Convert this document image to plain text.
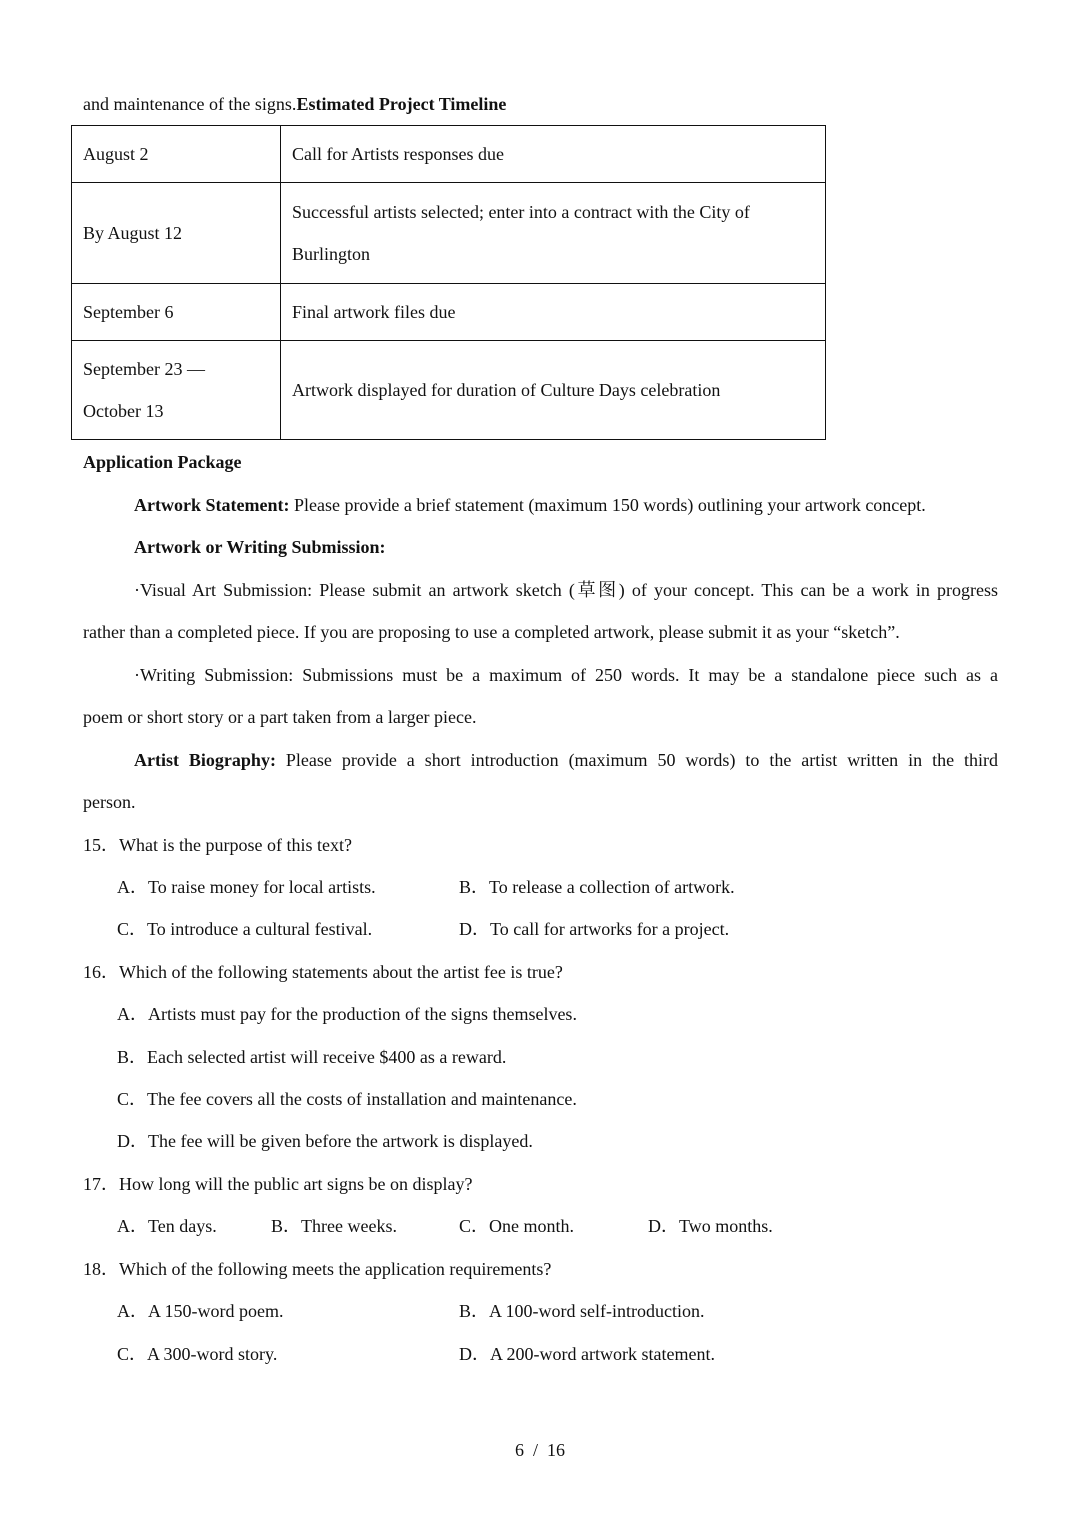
and maintenance of the signs.Estimated Project Timeline
August 2	Call for Artists responses due
By August 12	Successful artists selected; enter into a contract with the City of
Burlington

September 6	Final artwork files due

September 23 —
October 13	Artwork displayed for duration of Culture Days celebration
Application Package
Artwork Statement: Please provide a brief statement (maximum 150 words) outlining your artwork concept.
Artwork or Writing Submission:
·Visual Art Submission: Please submit an artwork sketch (草图) of your concept. This can be a work in progress
rather than a completed piece. If you are proposing to use a completed artwork, please submit it as your “sketch”.
·Writing Submission: Submissions must be a maximum of 250 words. It may be a standalone piece such as a
poem or short story or a part taken from a larger piece.
Artist Biography: Please provide a short introduction (maximum 50 words) to the artist written in the third
person.
15．What is the purpose of this text?
A．To raise money for local artists.	B．To release a collection of artwork.
C．To introduce a cultural festival.	D．To call for artworks for a project.
16．Which of the following statements about the artist fee is true?
A．Artists must pay for the production of the signs themselves.
B．Each selected artist will receive $400 as a reward.
C．The fee covers all the costs of installation and maintenance.
D．The fee will be given before the artwork is displayed.
17．How long will the public art signs be on display?
A．Ten days.	B．Three weeks.	C．One month.	D．Two months.
18．Which of the following meets the application requirements?
A．A 150-word poem.	B．A 100-word self-introduction.
C．A 300-word story.	D．A 200-word artwork statement.
6  /  16
